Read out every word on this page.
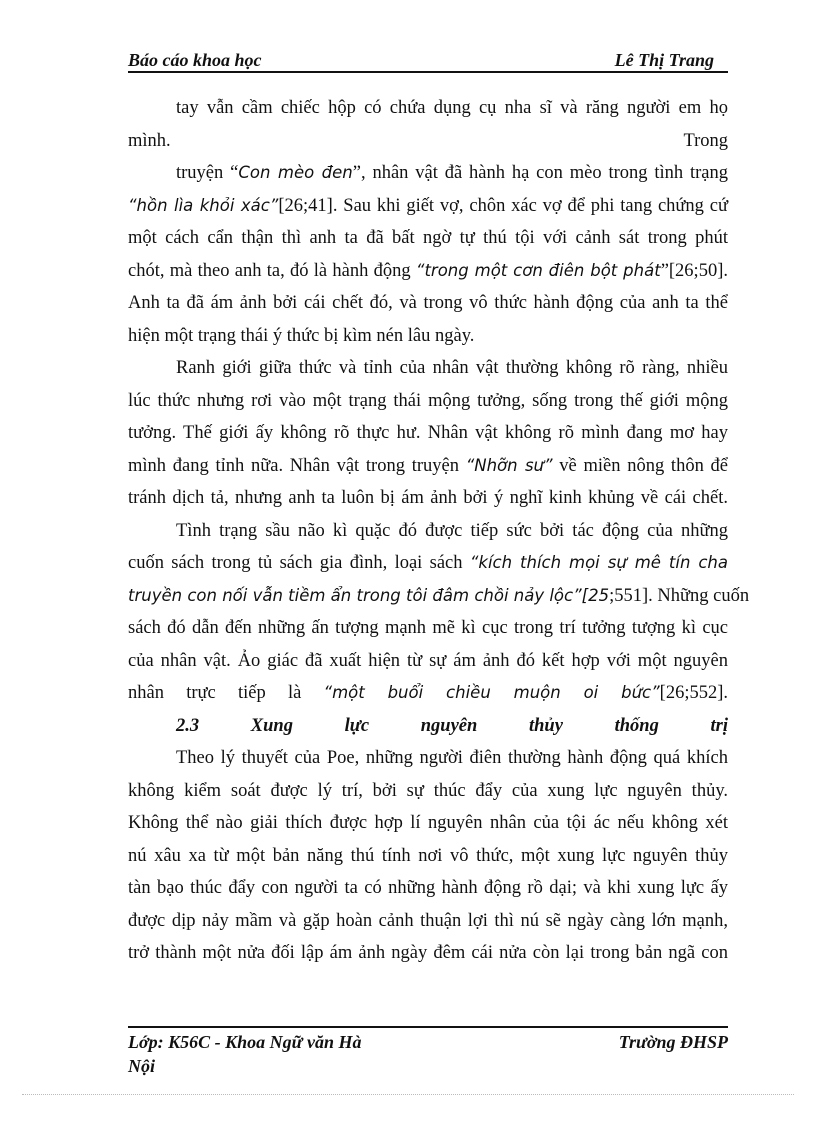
Báo cáo khoa học	Lê Thị Trang
tay vẫn cầm chiếc hộp có chứa dụng cụ nha sĩ và răng người em họ
mình.	Trong
truyện “Con mèo đen”, nhân vật đã hành hạ con mèo trong tình trạng
“hồn lìa khỏi xác”[26;41]. Sau khi giết vợ, chôn xác vợ để phi tang chứng cứ
một cách cẩn thận thì anh ta đã bất ngờ tự thú tội với cảnh sát trong phút
chót, mà theo anh ta, đó là hành động “trong một cơn điên bột phát”[26;50].
Anh ta đã ám ảnh bởi cái chết đó, và trong vô thức hành động của anh ta thể
hiện một trạng thái ý thức bị kìm nén lâu ngày.
Ranh giới giữa thức và tỉnh của nhân vật thường không rõ ràng, nhiều
lúc thức nhưng rơi vào một trạng thái mộng tưởng, sống trong thế giới mộng
tưởng. Thế giới ấy không rõ thực hư. Nhân vật không rõ mình đang mơ hay
mình đang tỉnh nữa. Nhân vật trong truyện “Nhỡn sư” về miền nông thôn để
tránh dịch tả, nhưng anh ta luôn bị ám ảnh bởi ý nghĩ kinh khủng về cái chết.
Tình trạng sầu não kì quặc đó được tiếp sức bởi tác động của những
cuốn sách trong tủ sách gia đình, loại sách “kích thích mọi sự mê tín cha
truyền con nối vẫn tiềm ẩn trong tôi đâm chồi nảy lộc”[25;551]. Những cuốn
sách đó dẫn đến những ấn tượng mạnh mẽ kì cục trong trí tưởng tượng kì cục
của nhân vật. Ảo giác đã xuất hiện từ sự ám ảnh đó kết hợp với một nguyên
nhân trực tiếp là “một buổi chiều muộn oi bức”[26;552].
2.3 Xung lực nguyên thủy thống trị
Theo lý thuyết của Poe, những người điên thường hành động quá khích
không kiểm soát được lý trí, bởi sự thúc đẩy của xung lực nguyên thủy.
Không thể nào giải thích được hợp lí nguyên nhân của tội ác nếu không xét
nú xâu xa từ một bản năng thú tính nơi vô thức, một xung lực nguyên thủy
tàn bạo thúc đẩy con người ta có những hành động rồ dại; và khi xung lực ấy
được dịp nảy mầm và gặp hoàn cảnh thuận lợi thì nú sẽ ngày càng lớn mạnh,
trở thành một nửa đối lập ám ảnh ngày đêm cái nửa còn lại trong bản ngã con
Lớp: K56C - Khoa Ngữ văn Hà Nội
Trường ĐHSP
